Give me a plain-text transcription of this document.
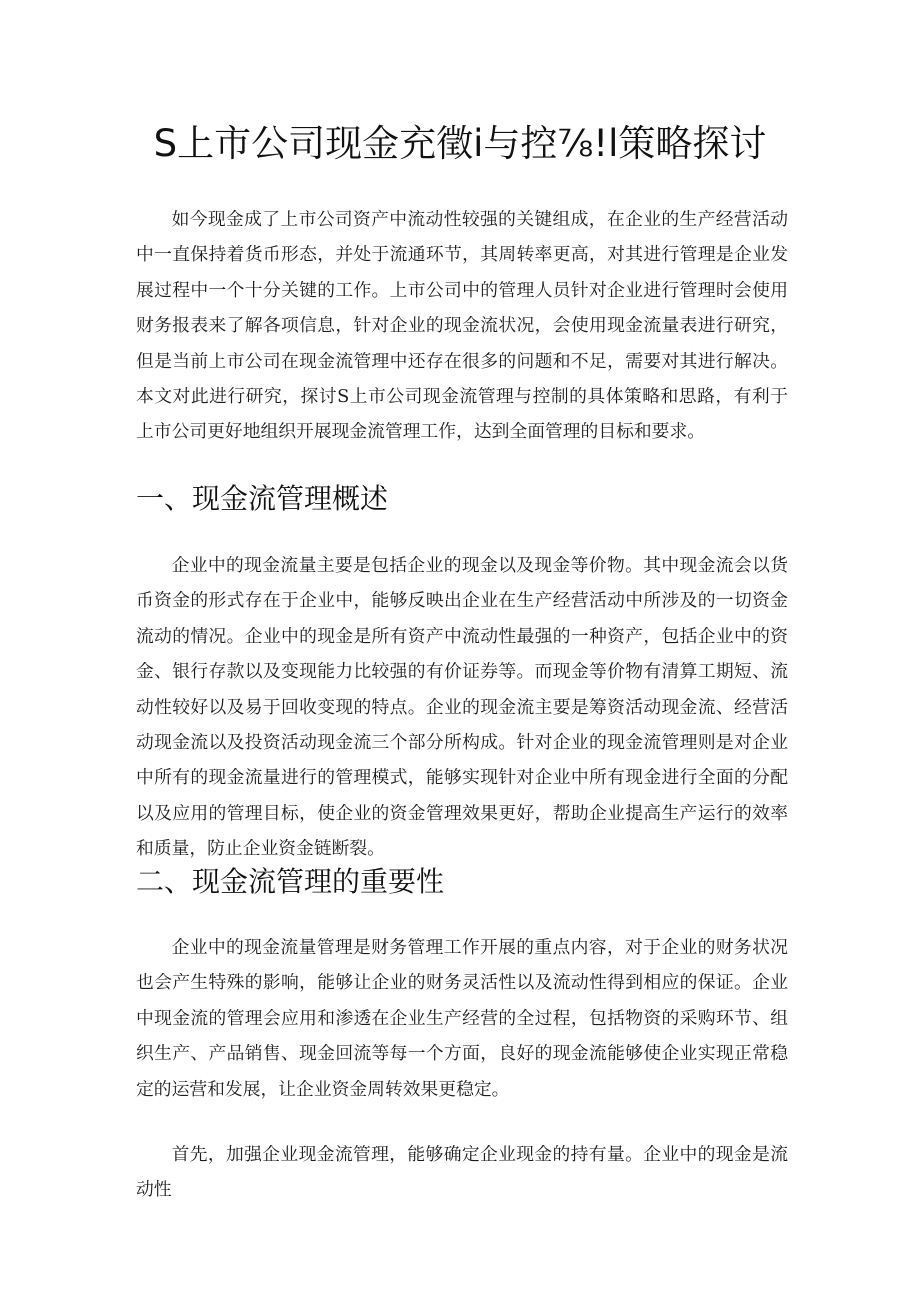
S上市公司现金充徵i与控⅞!l策略探讨

如今现金成了上市公司资产中流动性较强的关键组成，在企业的生产经营活动中一直保持着货币形态，并处于流通环节，其周转率更高，对其进行管理是企业发展过程中一个十分关键的工作。上市公司中的管理人员针对企业进行管理时会使用财务报表来了解各项信息，针对企业的现金流状况，会使用现金流量表进行研究，但是当前上市公司在现金流管理中还存在很多的问题和不足，需要对其进行解决。本文对此进行研究，探讨S上市公司现金流管理与控制的具体策略和思路，有利于上市公司更好地组织开展现金流管理工作，达到全面管理的目标和要求。

一、现金流管理概述

企业中的现金流量主要是包括企业的现金以及现金等价物。其中现金流会以货币资金的形式存在于企业中，能够反映出企业在生产经营活动中所涉及的一切资金流动的情况。企业中的现金是所有资产中流动性最强的一种资产，包括企业中的资金、银行存款以及变现能力比较强的有价证券等。而现金等价物有清算工期短、流动性较好以及易于回收变现的特点。企业的现金流主要是筹资活动现金流、经营活动现金流以及投资活动现金流三个部分所构成。针对企业的现金流管理则是对企业中所有的现金流量进行的管理模式，能够实现针对企业中所有现金进行全面的分配以及应用的管理目标，使企业的资金管理效果更好，帮助企业提高生产运行的效率和质量，防止企业资金链断裂。

二、现金流管理的重要性

企业中的现金流量管理是财务管理工作开展的重点内容，对于企业的财务状况也会产生特殊的影响，能够让企业的财务灵活性以及流动性得到相应的保证。企业中现金流的管理会应用和渗透在企业生产经营的全过程，包括物资的采购环节、组织生产、产品销售、现金回流等每一个方面，良好的现金流能够使企业实现正常稳定的运营和发展，让企业资金周转效果更稳定。

首先，加强企业现金流管理，能够确定企业现金的持有量。企业中的现金是流动性
